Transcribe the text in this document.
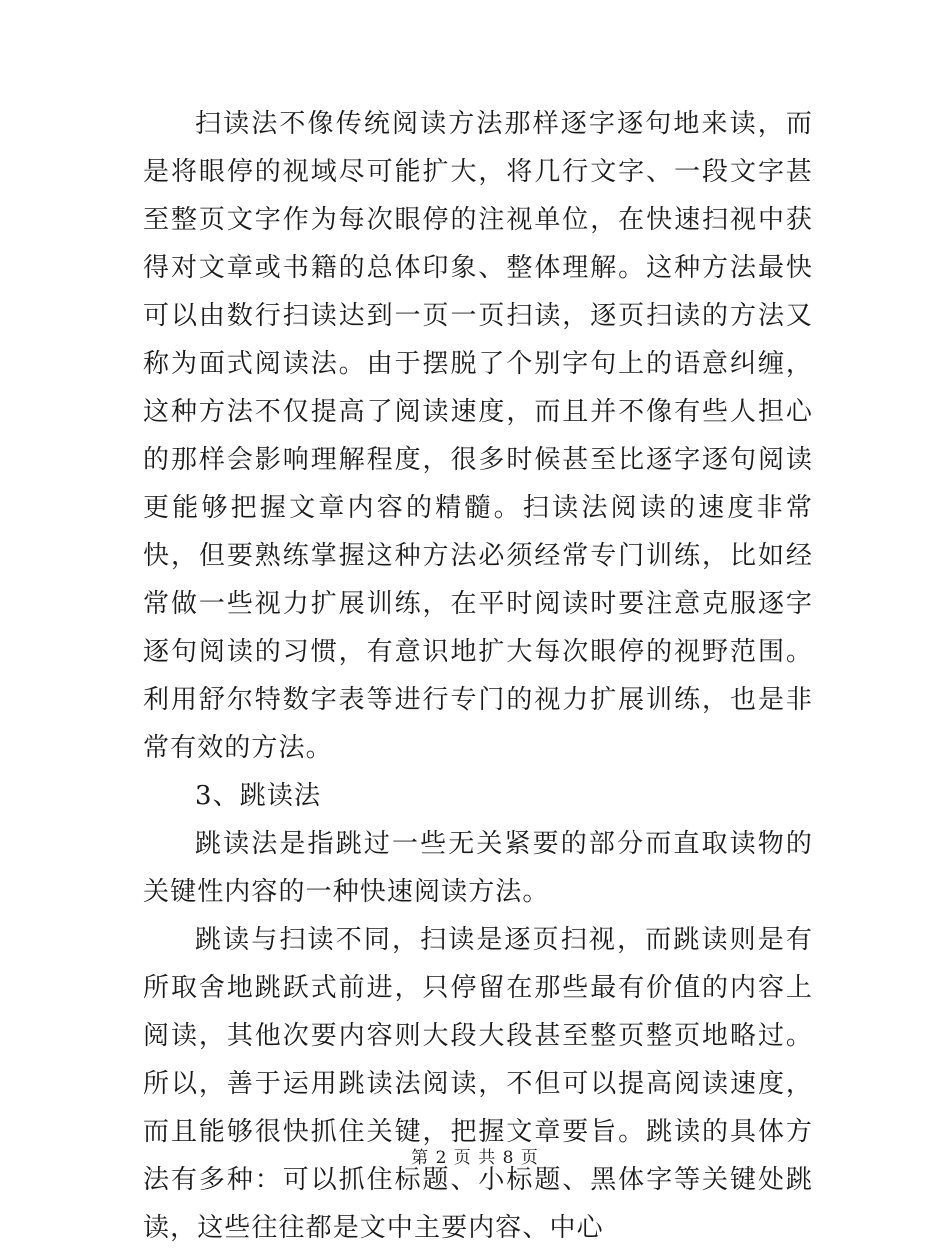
扫读法不像传统阅读方法那样逐字逐句地来读，而是将眼停的视域尽可能扩大，将几行文字、一段文字甚至整页文字作为每次眼停的注视单位，在快速扫视中获得对文章或书籍的总体印象、整体理解。这种方法最快可以由数行扫读达到一页一页扫读，逐页扫读的方法又称为面式阅读法。由于摆脱了个别字句上的语意纠缠，这种方法不仅提高了阅读速度，而且并不像有些人担心的那样会影响理解程度，很多时候甚至比逐字逐句阅读更能够把握文章内容的精髓。扫读法阅读的速度非常快，但要熟练掌握这种方法必须经常专门训练，比如经常做一些视力扩展训练，在平时阅读时要注意克服逐字逐句阅读的习惯，有意识地扩大每次眼停的视野范围。利用舒尔特数字表等进行专门的视力扩展训练，也是非常有效的方法。

3、跳读法

跳读法是指跳过一些无关紧要的部分而直取读物的关键性内容的一种快速阅读方法。

跳读与扫读不同，扫读是逐页扫视，而跳读则是有所取舍地跳跃式前进，只停留在那些最有价值的内容上阅读，其他次要内容则大段大段甚至整页整页地略过。所以，善于运用跳读法阅读，不但可以提高阅读速度，而且能够很快抓住关键，把握文章要旨。跳读的具体方法有多种：可以抓住标题、小标题、黑体字等关键处跳读，这些往往都是文中主要内容、中心

第 2 页 共 8 页
